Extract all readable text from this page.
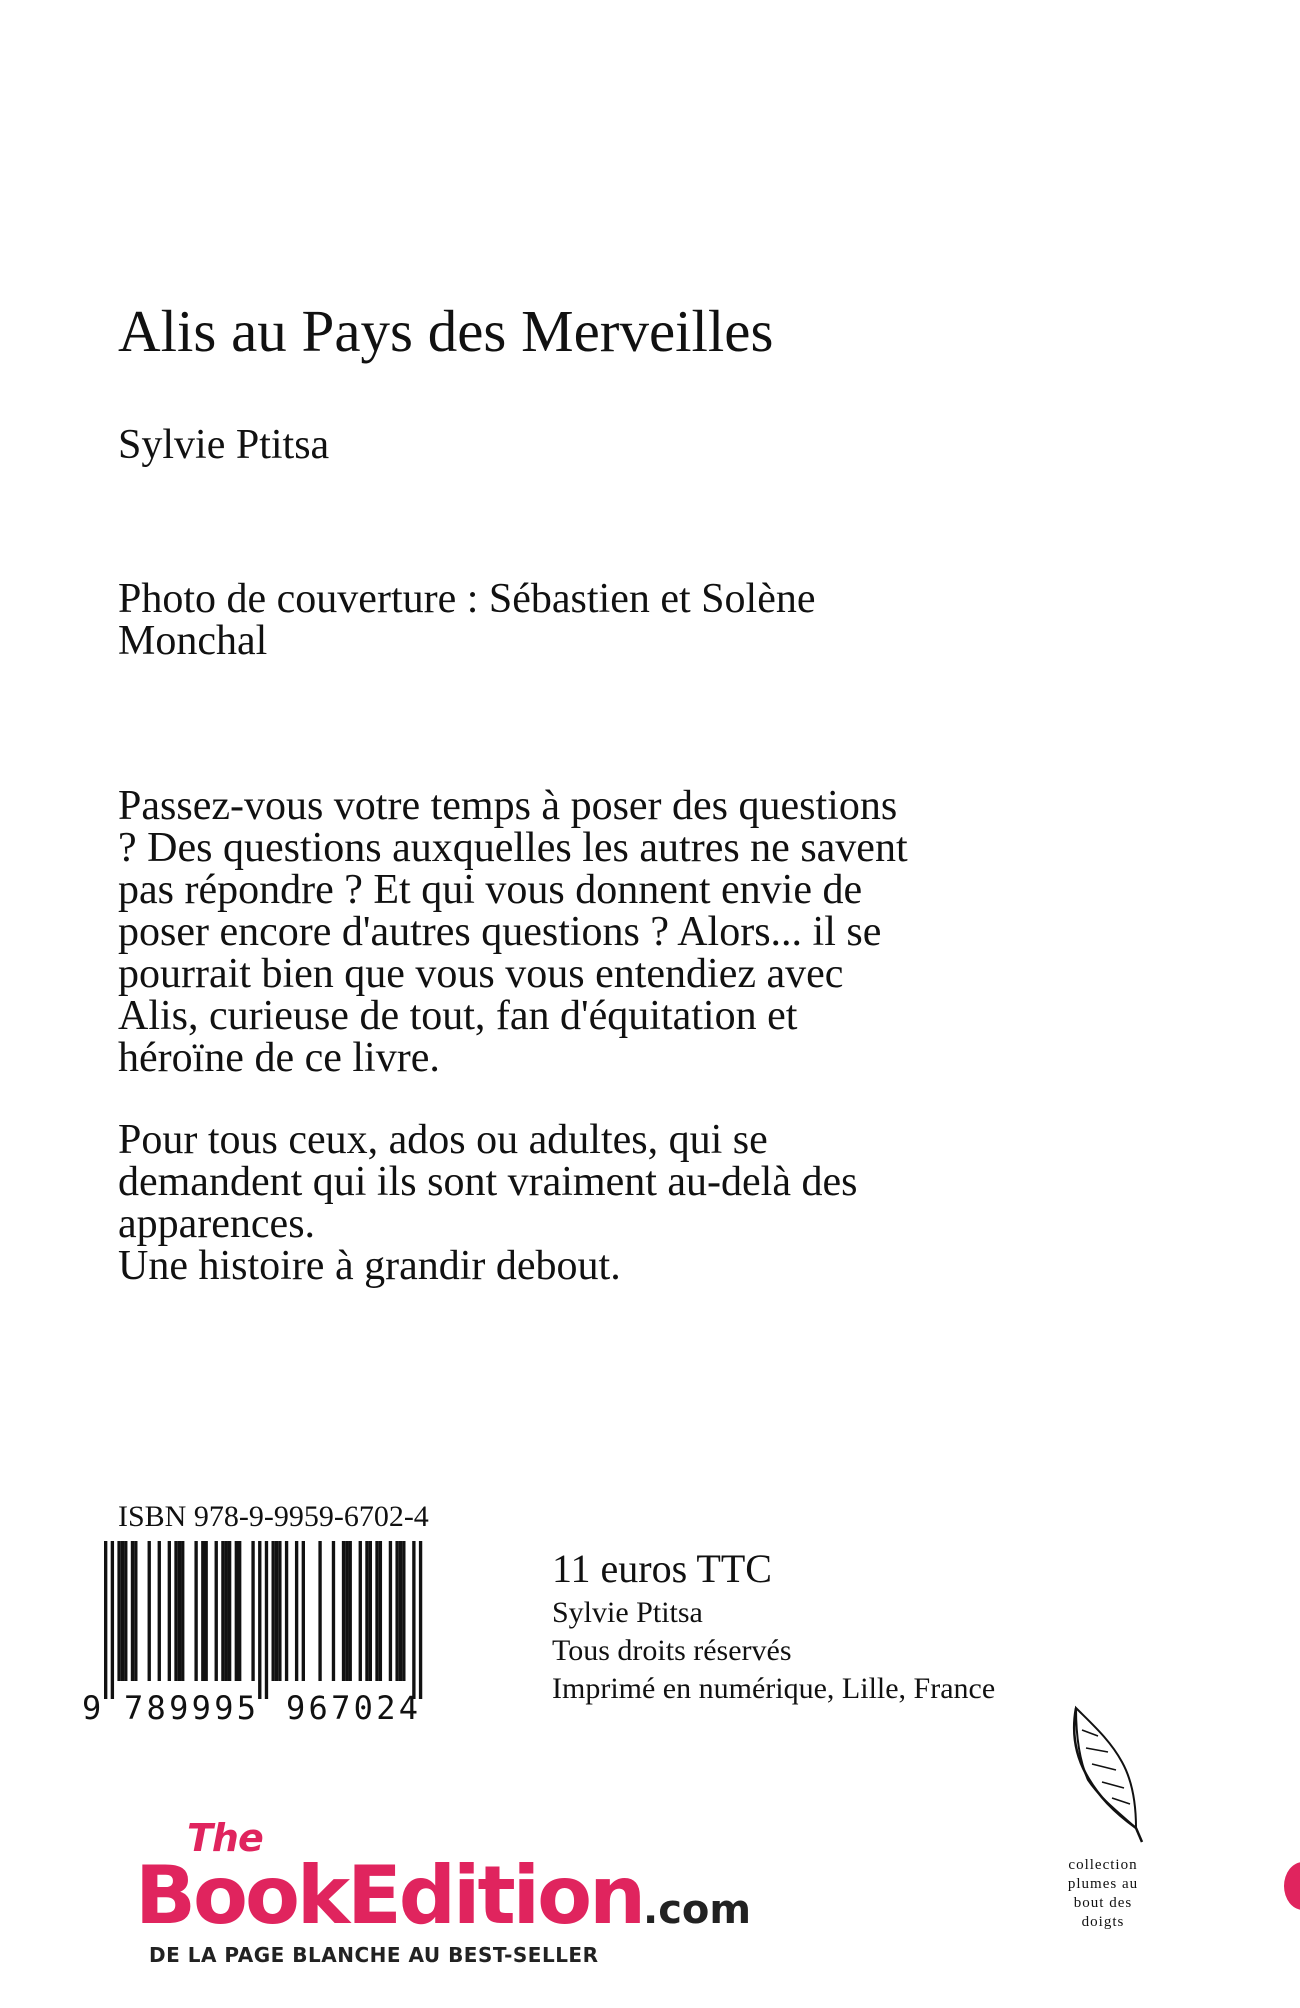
Alis au Pays des Merveilles
Sylvie Ptitsa
Photo de couverture : Sébastien et Solène Monchal

Passez-vous votre temps à poser des questions ? Des questions auxquelles les autres ne savent pas répondre ? Et qui vous donnent envie de poser encore d'autres questions ? Alors... il se pourrait bien que vous vous entendiez avec Alis, curieuse de tout, fan d'équitation et héroïne de ce livre.

Pour tous ceux, ados ou adultes, qui se demandent qui ils sont vraiment au-delà des apparences.

Une histoire à grandir debout.

ISBN 978-9-9959-6702-4
9 789995 967024
11 euros TTC
Sylvie Ptitsa
Tous droits réservés
Imprimé en numérique, Lille, France
The
BookEdition.com
DE LA PAGE BLANCHE AU BEST-SELLER
collection
plumes au
bout des
doigts
